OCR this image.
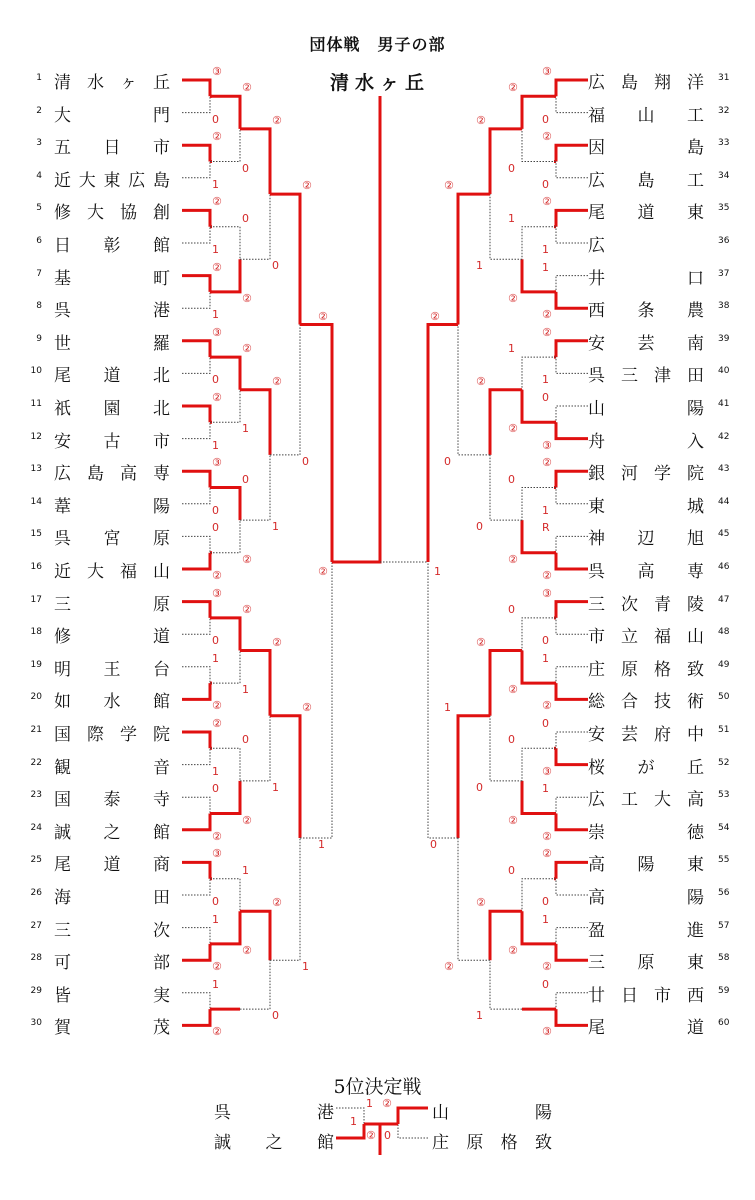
団体戦　男子の部
清水ヶ丘
1 清 水 ヶ 丘
2 大	門
3 五 日 市
4 近 大 東 広 島
5 修 大 協 創
6 日 彰 館
7 基	町
8 呉	港
9 世	羅
10 尾 道 北
11 祇 園 北
12 安 古 市
13 広 島 高 専
14 葦	陽
15 呉 宮 原
16 近 大 福 山
17 三	原
18 修	道
19 明 王 台
20 如 水 館
21 国 際 学 院
22 観	音
23 国 泰 寺
24 誠 之 館
25 尾 道 商
26 海	田
27 三	次
28 可	部
29 皆	実
30 賀	茂
31
広 島 翔 洋
32
福 山 工
33
因	島
34
広 島 工
35
尾 道 東
36
広
37
井	口
38
西 条 農
39
安 芸 南
40
呉 三 津 田
41
山	陽
42
舟	入
43
銀 河 学 院
44
東	城
45
神 辺 旭
46
呉 高 専
47
三 次 青 陵
48
市 立 福 山
49
庄 原 格 致
50
総 合 技 術
51
安 芸 府 中
52
桜 が 丘
53
広 工 大 高
54
崇	徳
55
高 陽 東
56
高	陽
57
盈	進
58
三 原 東
59
廿 日 市 西
60
尾	道
③
0
②
1
②
1
②
1
③
0
②
1
③
0
0
②
③
0
1
②
②
1
0
②
③
0
1
②
1
②
②
0
0
②
②
1
0
②
②
1
0
②
1
②
②
0
②
1
②
1
②
0
②
0
②
1
②
1
③
0
②
0
②
1
1
②
②
1
0
③
②
1
R
②
③
0
1
②
0
③
1
②
②
0
1
②
0
③
②
0
1
②
1
②
0
②
0
②
0
②
0
②
②
1
②
0
②
0
②
1
②
0
1
②
②
0
②	1
1 ②
② 0
1
5位決定戦
呉	港
誠 之 館
山	陽
庄 原 格 致
